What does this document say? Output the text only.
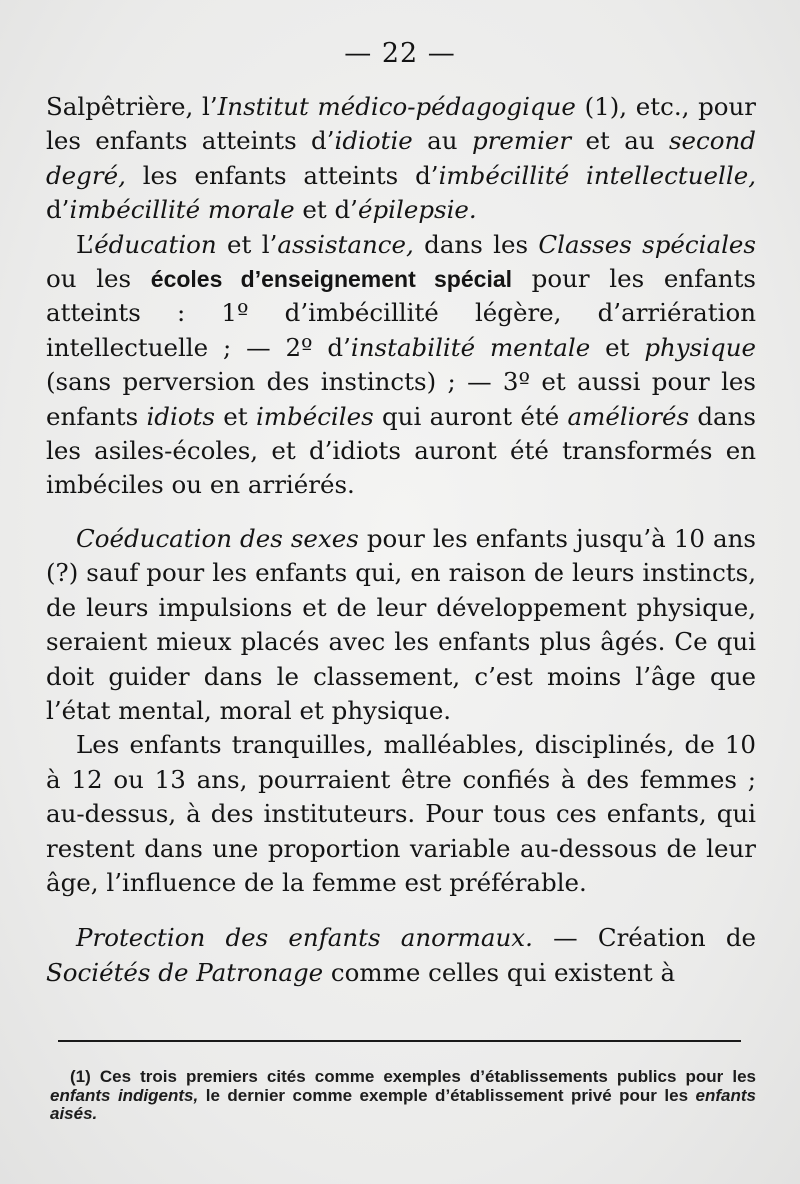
— 22 —

Salpêtrière, l’Institut médico-pédagogique (1), etc., pour les enfants atteints d’idiotie au premier et au second degré, les enfants atteints d’imbécillité intellectuelle, d’imbécillité morale et d’épilepsie.

L’éducation et l’assistance, dans les Classes spéciales ou les écoles d’enseignement spécial pour les enfants atteints : 1º d’imbécillité légère, d’arriération intellectuelle ; — 2º d’instabilité mentale et physique (sans perversion des instincts) ; — 3º et aussi pour les enfants idiots et imbéciles qui auront été améliorés dans les asiles-écoles, et d’idiots auront été transformés en imbéciles ou en arriérés.

Coéducation des sexes pour les enfants jusqu’à 10 ans (?) sauf pour les enfants qui, en raison de leurs instincts, de leurs impulsions et de leur développement physique, seraient mieux placés avec les enfants plus âgés. Ce qui doit guider dans le classement, c’est moins l’âge que l’état mental, moral et physique.

Les enfants tranquilles, malléables, disciplinés, de 10 à 12 ou 13 ans, pourraient être confiés à des femmes ; au-dessus, à des instituteurs. Pour tous ces enfants, qui restent dans une proportion variable au-dessous de leur âge, l’influence de la femme est préférable.

Protection des enfants anormaux. — Création de Sociétés de Patronage comme celles qui existent à

(1) Ces trois premiers cités comme exemples d’établissements publics pour les enfants indigents, le dernier comme exemple d’établissement privé pour les enfants aisés.
